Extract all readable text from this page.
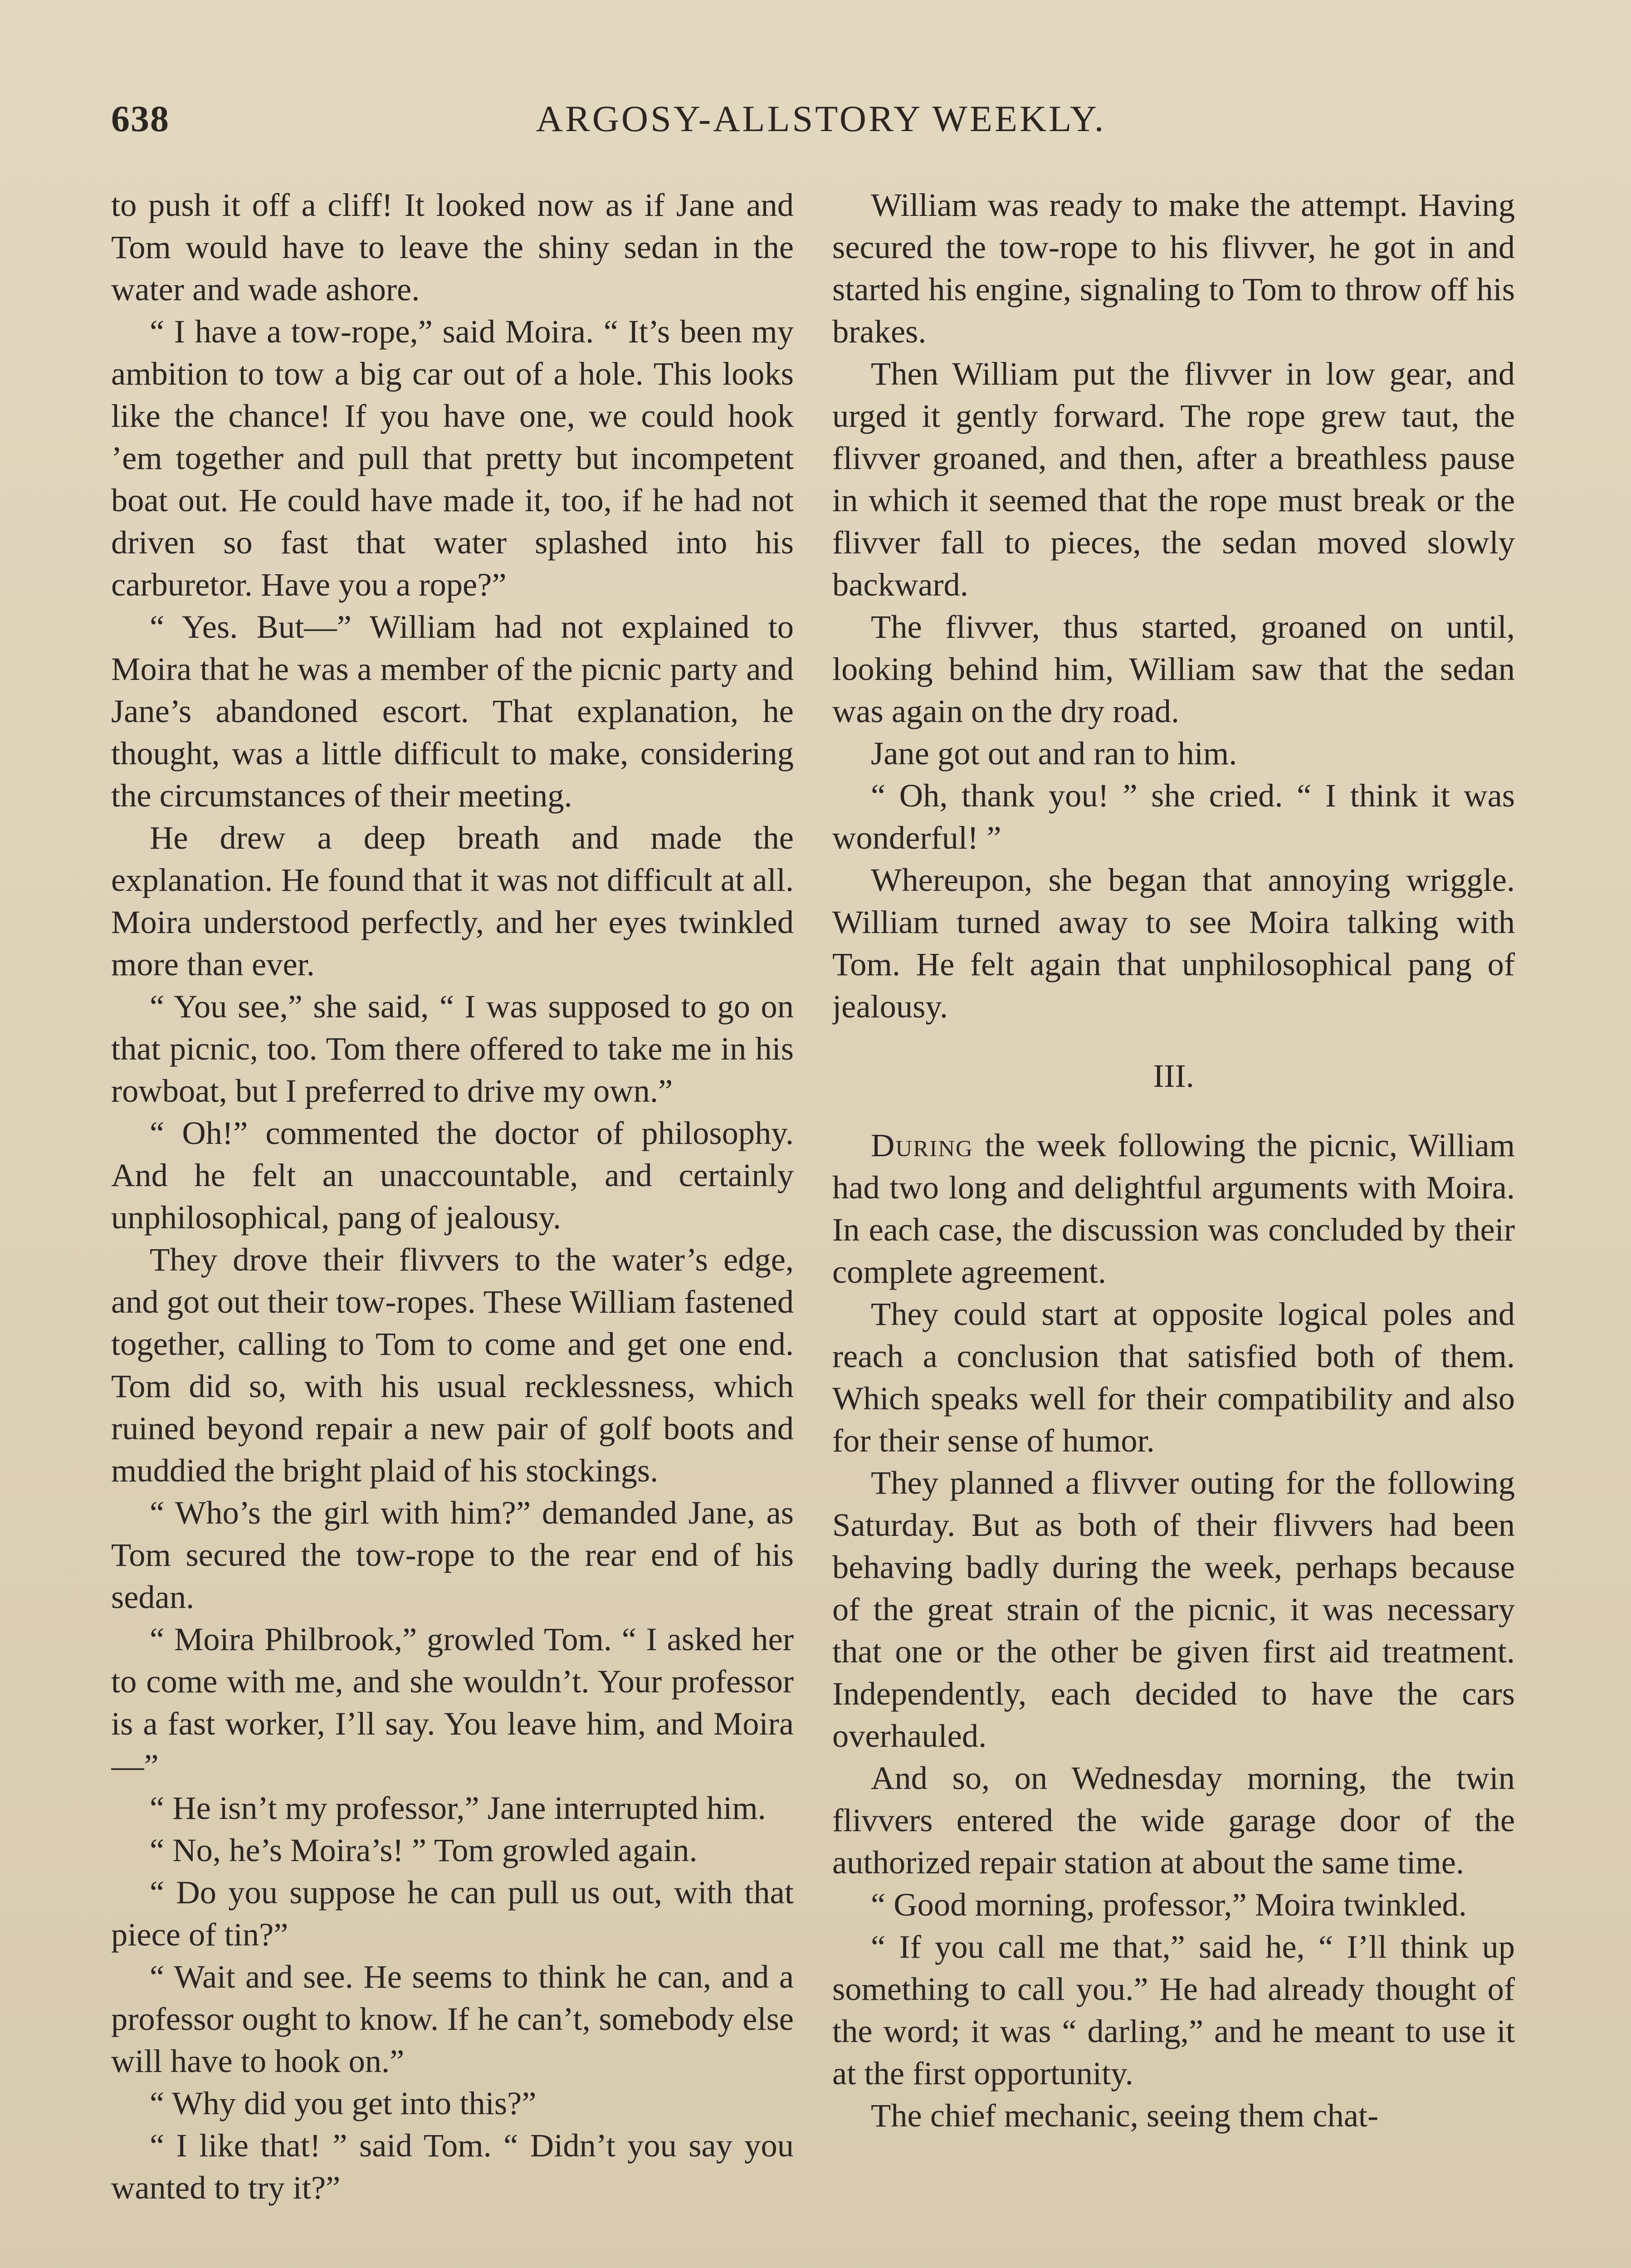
638	ARGOSY-ALLSTORY WEEKLY.

to push it off a cliff! It looked now as if Jane and Tom would have to leave the shiny sedan in the water and wade ashore.

“ I have a tow-rope,” said Moira. “ It’s been my ambition to tow a big car out of a hole. This looks like the chance! If you have one, we could hook ’em together and pull that pretty but incompetent boat out. He could have made it, too, if he had not driven so fast that water splashed into his carburetor. Have you a rope?”

“ Yes. But—” William had not explained to Moira that he was a member of the picnic party and Jane’s abandoned escort. That explanation, he thought, was a little difficult to make, considering the circumstances of their meeting.

He drew a deep breath and made the explanation. He found that it was not difficult at all. Moira understood perfectly, and her eyes twinkled more than ever.

“ You see,” she said, “ I was supposed to go on that picnic, too. Tom there offered to take me in his rowboat, but I preferred to drive my own.”

“ Oh!” commented the doctor of philosophy. And he felt an unaccountable, and certainly unphilosophical, pang of jealousy.

They drove their flivvers to the water’s edge, and got out their tow-ropes. These William fastened together, calling to Tom to come and get one end. Tom did so, with his usual recklessness, which ruined beyond repair a new pair of golf boots and muddied the bright plaid of his stockings.

“ Who’s the girl with him?” demanded Jane, as Tom secured the tow-rope to the rear end of his sedan.

“ Moira Philbrook,” growled Tom. “ I asked her to come with me, and she wouldn’t. Your professor is a fast worker, I’ll say. You leave him, and Moira—”

“ He isn’t my professor,” Jane interrupted him.

“ No, he’s Moira’s! ” Tom growled again.

“ Do you suppose he can pull us out, with that piece of tin?”

“ Wait and see. He seems to think he can, and a professor ought to know. If he can’t, somebody else will have to hook on.”

“ Why did you get into this?”

“ I like that! ” said Tom. “ Didn’t you say you wanted to try it?”

William was ready to make the attempt. Having secured the tow-rope to his flivver, he got in and started his engine, signaling to Tom to throw off his brakes.

Then William put the flivver in low gear, and urged it gently forward. The rope grew taut, the flivver groaned, and then, after a breathless pause in which it seemed that the rope must break or the flivver fall to pieces, the sedan moved slowly backward.

The flivver, thus started, groaned on until, looking behind him, William saw that the sedan was again on the dry road.

Jane got out and ran to him.

“ Oh, thank you! ” she cried. “ I think it was wonderful! ”

Whereupon, she began that annoying wriggle. William turned away to see Moira talking with Tom. He felt again that unphilosophical pang of jealousy.

III.

During the week following the picnic, William had two long and delightful arguments with Moira. In each case, the discussion was concluded by their complete agreement.

They could start at opposite logical poles and reach a conclusion that satisfied both of them. Which speaks well for their compatibility and also for their sense of humor.

They planned a flivver outing for the following Saturday. But as both of their flivvers had been behaving badly during the week, perhaps because of the great strain of the picnic, it was necessary that one or the other be given first aid treatment. Independently, each decided to have the cars overhauled.

And so, on Wednesday morning, the twin flivvers entered the wide garage door of the authorized repair station at about the same time.

“ Good morning, professor,” Moira twinkled.

“ If you call me that,” said he, “ I’ll think up something to call you.” He had already thought of the word; it was “ darling,” and he meant to use it at the first opportunity.

The chief mechanic, seeing them chat-
